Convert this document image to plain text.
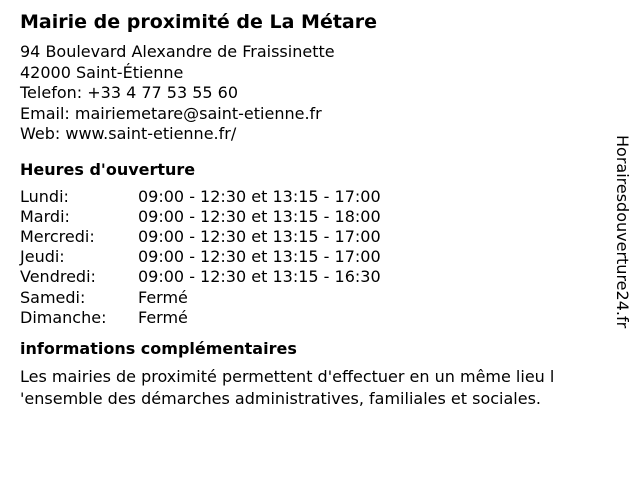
Mairie de proximité de La Métare
94 Boulevard Alexandre de Fraissinette
42000 Saint-Étienne
Telefon: +33 4 77 53 55 60
Email: mairiemetare@saint-etienne.fr
Web: www.saint-etienne.fr/
Heures d'ouverture
Lundi:	09:00 - 12:30 et 13:15 - 17:00
Mardi:	09:00 - 12:30 et 13:15 - 18:00
Mercredi:	09:00 - 12:30 et 13:15 - 17:00
Jeudi:	09:00 - 12:30 et 13:15 - 17:00
Vendredi:	09:00 - 12:30 et 13:15 - 16:30
Samedi:	Fermé
Dimanche:	Fermé
informations complémentaires
Les mairies de proximité permettent d'effectuer en un même lieu l 'ensemble des démarches administratives, familiales et sociales.
Horairesdouverture24.fr
